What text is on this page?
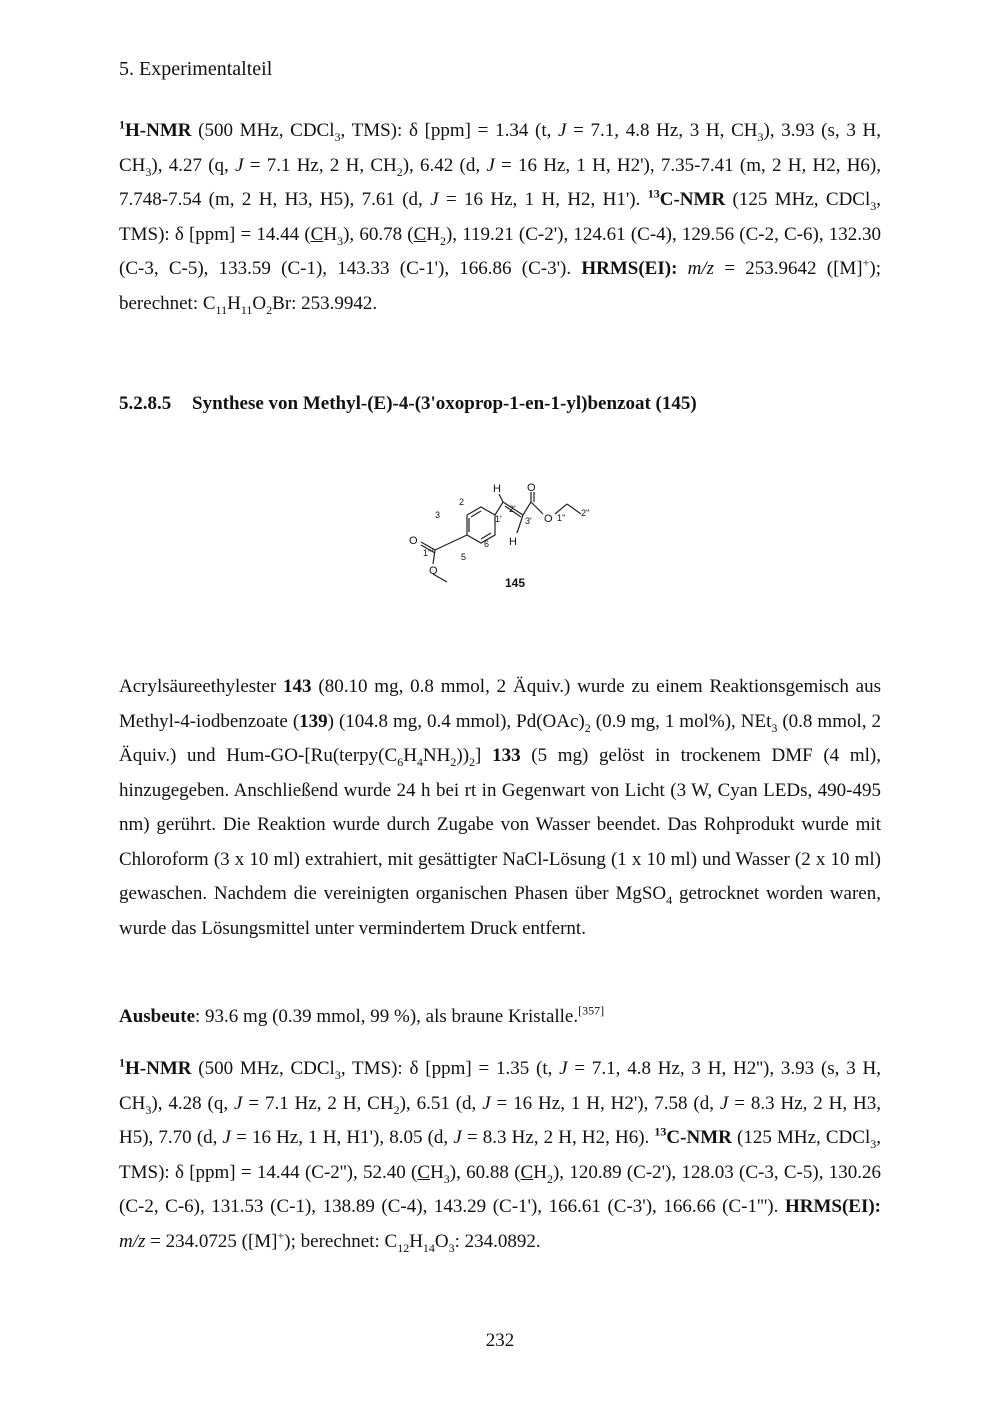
5. Experimentalteil
$^1$H-NMR (500 MHz, CDCl$_3$, TMS): δ [ppm] = 1.34 (t, J = 7.1, 4.8 Hz, 3 H, $CH_3$), 3.93 (s, 3 H, $CH_3$), 4.27 (q, J = 7.1 Hz, 2 H, $CH_2$), 6.42 (d, J = 16 Hz, 1 H, H2'), 7.35-7.41 (m, 2 H, H2, H6), 7.748-7.54 (m, 2 H, H3, H5), 7.61 (d, J = 16 Hz, 1 H, H2, H1'). $^{13}$C-NMR (125 MHz, CDCl$_3$, TMS): δ [ppm] = 14.44 $(CH_3)$, 60.78 $(CH_2)$, 119.21 (C-2'), 124.61 (C-4), 129.56 (C-2, C-6), 132.30 (C-3, C-5), 133.59 (C-1), 143.33 (C-1'), 166.86 (C-3'). HRMS(EI): m/z = 253.9642 ([M]+); berechnet: $C_{11}H_{11}O_2Br$: 253.9942.
5.2.8.5 Synthese von Methyl-(E)-4-(3'oxoprop-1-en-1-yl)benzoat (145)
H O
2
2'
3	1'	3' O 1'' 2''
O
1'''
6 H
5
O
145
Acrylsäureethylester 143 (80.10 mg, 0.8 mmol, 2 Äquiv.) wurde zu einem Reaktionsgemisch aus Methyl-4-iodbenzoate (139) (104.8 mg, 0.4 mmol), $Pd(OAc)_2$ (0.9 mg, 1 mol%), NEt$_3$ (0.8 mmol, 2 Äquiv.) und Hum-$GO-[Ru(terpy(C_6H_4NH_2))_2]$ 133 (5 mg) gelöst in trockenem DMF (4 ml), hinzugegeben. Anschließend wurde 24 h bei rt in Gegenwart von Licht (3 W, Cyan LEDs, 490-495 nm) gerührt. Die Reaktion wurde durch Zugabe von Wasser beendet. Das Rohprodukt wurde mit Chloroform (3 x 10 ml) extrahiert, mit gesättigter NaCl-Lösung (1 x 10 ml) und Wasser (2 x 10 ml) gewaschen. Nachdem die vereinigten organischen Phasen über MgSO$_4$ getrocknet worden waren, wurde das Lösungsmittel unter vermindertem Druck entfernt.
Ausbeute: 93.6 mg (0.39 mmol, 99 %), als braune Kristalle.[357]
$^1$H-NMR (500 MHz, CDCl$_3$, TMS): δ [ppm] = 1.35 (t, J = 7.1, 4.8 Hz, 3 H, H2''), 3.93 (s, 3 H, $CH_3$), 4.28 (q, J = 7.1 Hz, 2 H, $CH_2$), 6.51 (d, J = 16 Hz, 1 H, H2'), 7.58 (d, J = 8.3 Hz, 2 H, H3, H5), 7.70 (d, J = 16 Hz, 1 H, H1'), 8.05 (d, J = 8.3 Hz, 2 H, H2, H6). $^{13}$C-NMR (125 MHz, CDCl$_3$, TMS): δ [ppm] = 14.44 (C-2''), 52.40 $(CH_3)$, 60.88 $(CH_2)$, 120.89 (C-2'), 128.03 (C-3, C-5), 130.26 (C-2, C-6), 131.53 (C-1), 138.89 (C-4), 143.29 (C-1'), 166.61 (C-3'), 166.66 (C-1'''). HRMS(EI): m/z = 234.0725 ([M]+); berechnet: $C_{12}H_{14}O_3$: 234.0892.
232
